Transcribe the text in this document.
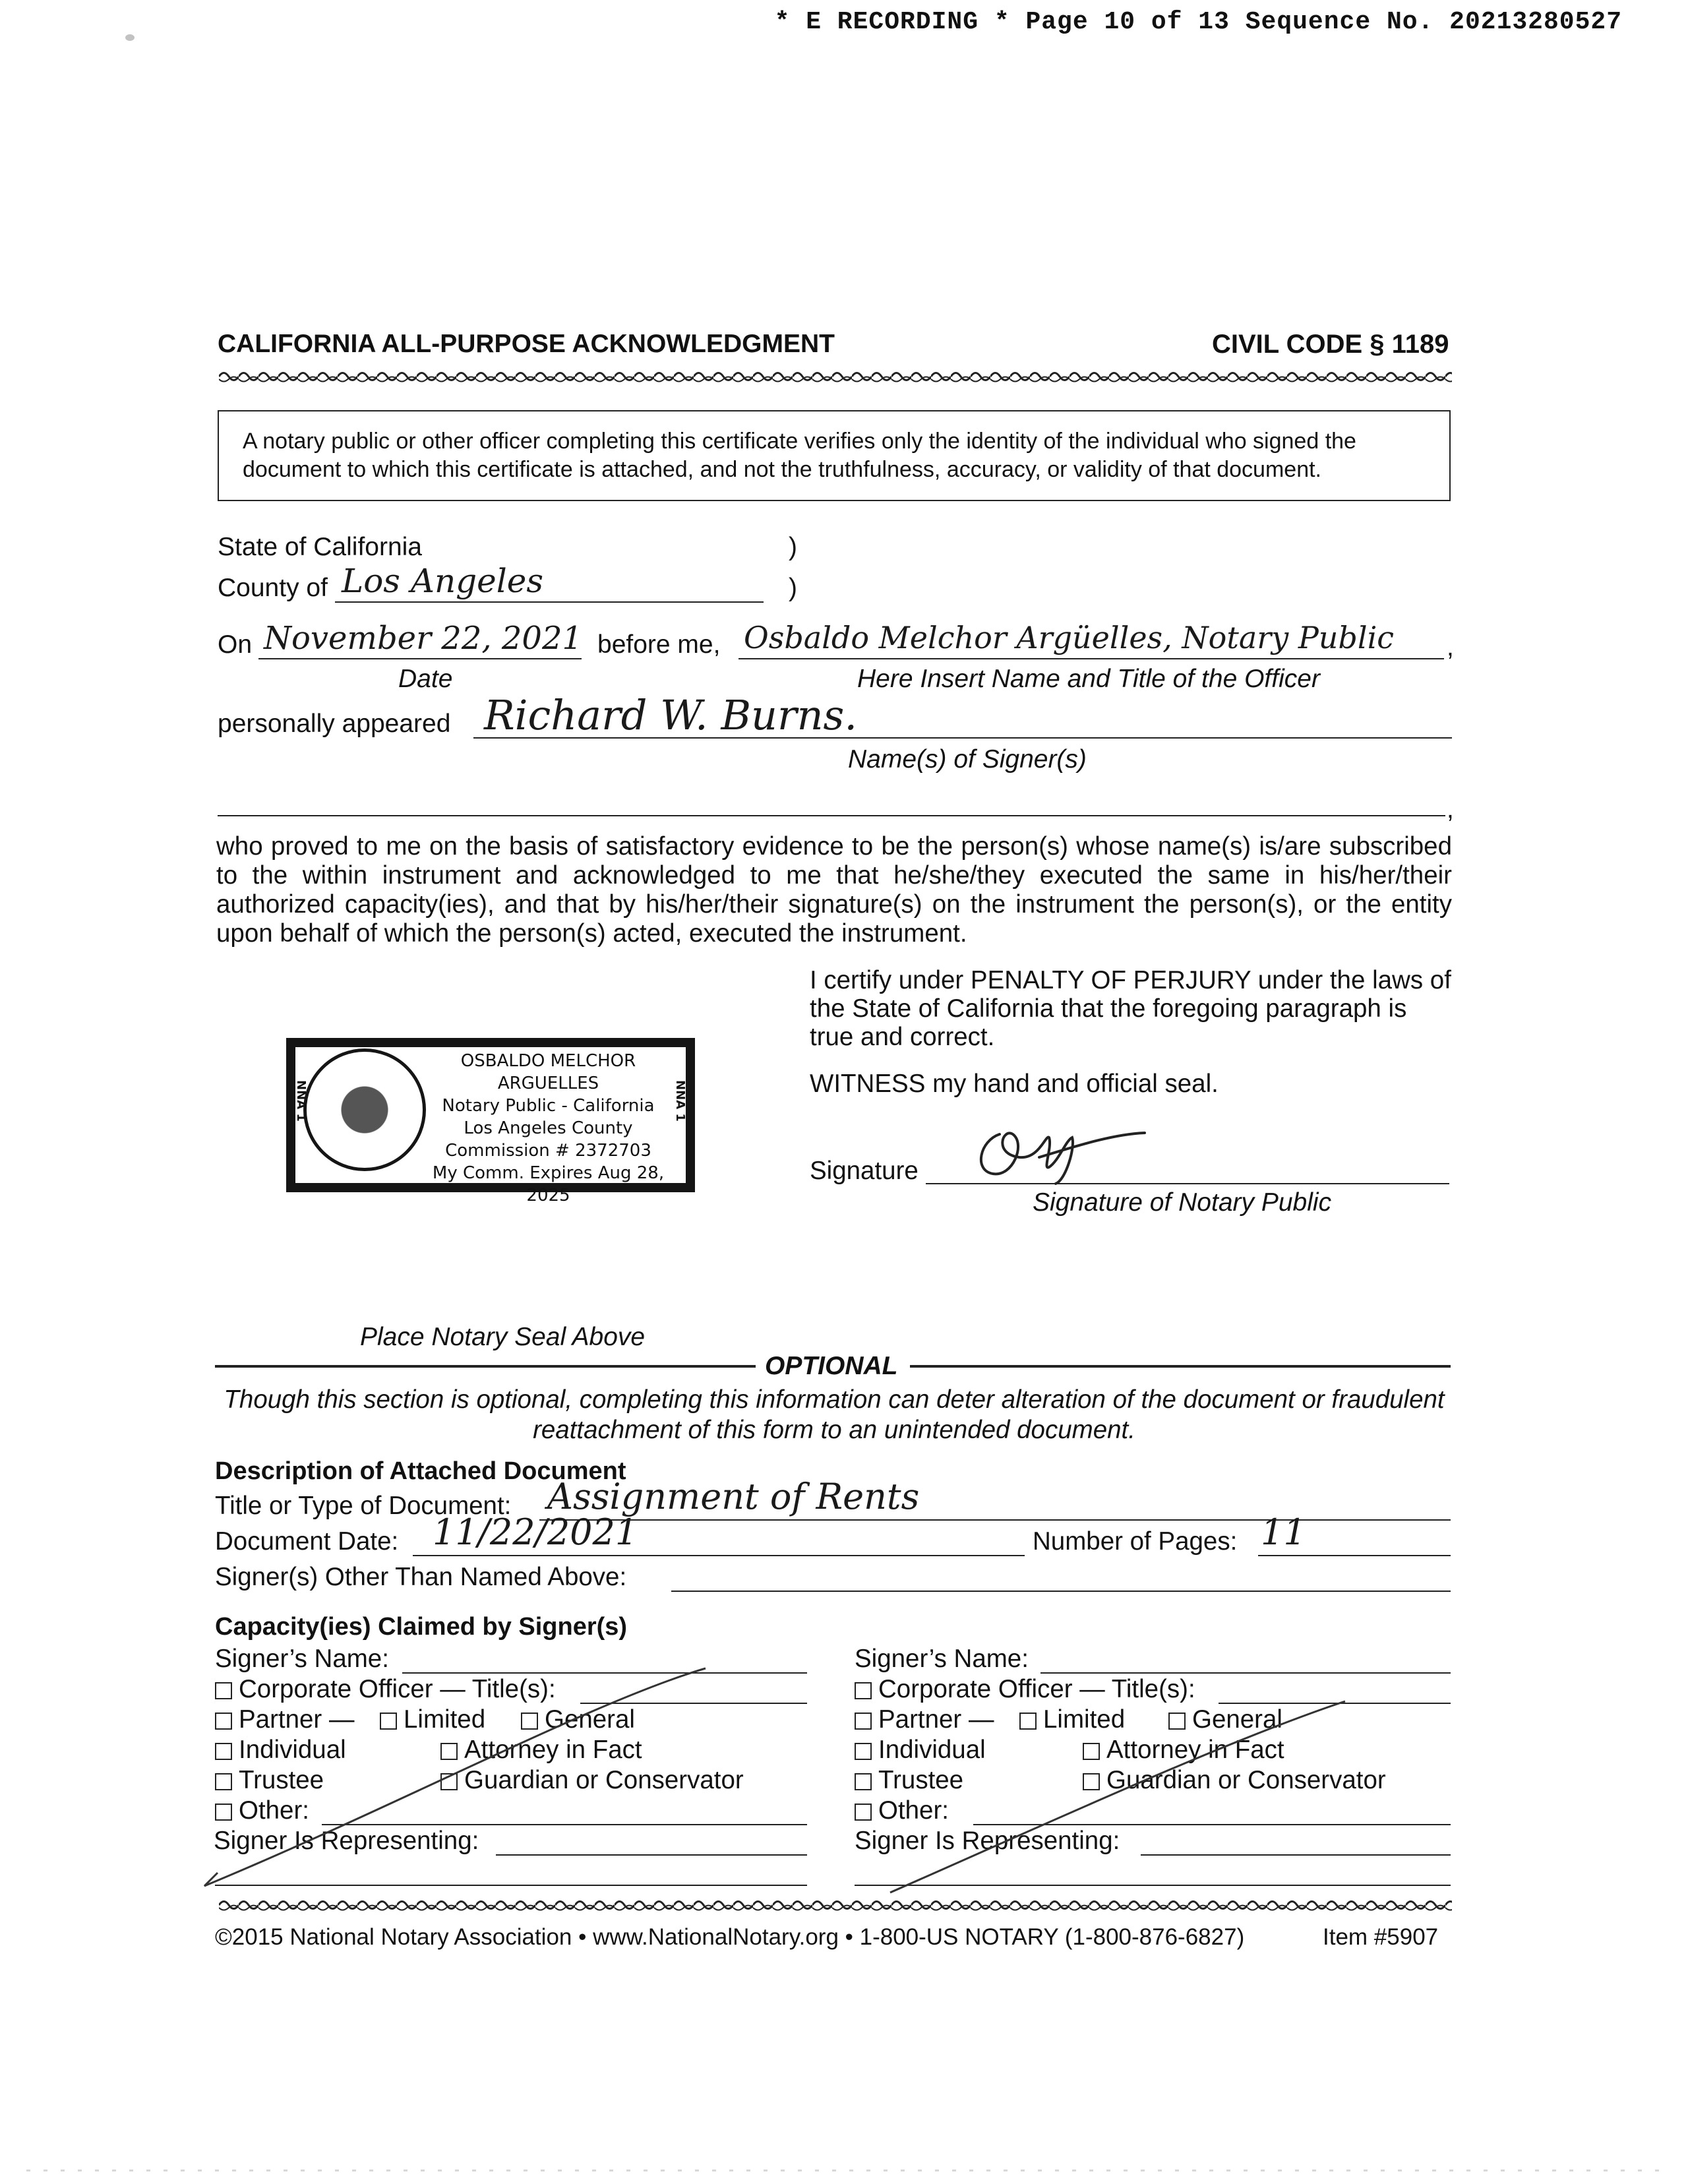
* E RECORDING * Page 10 of 13 Sequence No. 20213280527
CALIFORNIA ALL-PURPOSE ACKNOWLEDGMENT	CIVIL CODE § 1189
A notary public or other officer completing this certificate verifies only the identity of the individual who signed the document to which this certificate is attached, and not the truthfulness, accuracy, or validity of that document.
State of California	)
County of Los Angeles	)
On November 22, 2021 before me, Osbaldo Melchor Argüelles, Notary Public ,
Date	Here Insert Name and Title of the Officer
personally appeared Richard W. Burns.
Name(s) of Signer(s)
,
who proved to me on the basis of satisfactory evidence to be the person(s) whose name(s) is/are subscribed to the within instrument and acknowledged to me that he/she/they executed the same in his/her/their authorized capacity(ies), and that by his/her/their signature(s) on the instrument the person(s), or the entity upon behalf of which the person(s) acted, executed the instrument.
I certify under PENALTY OF PERJURY under the laws of the State of California that the foregoing paragraph is true and correct.
WITNESS my hand and official seal.
Signature
Signature of Notary Public
NNA 1	NNA 1
OSBALDO MELCHOR ARGUELLES
Notary Public - California
Los Angeles County
Commission # 2372703
My Comm. Expires Aug 28, 2025
Place Notary Seal Above
OPTIONAL
Though this section is optional, completing this information can deter alteration of the document or fraudulent reattachment of this form to an unintended document.
Description of Attached Document
Title or Type of Document: Assignment of Rents
Document Date: 11/22/2021	Number of Pages: 11
Signer(s) Other Than Named Above:
Capacity(ies) Claimed by Signer(s)
Signer’s Name:
Corporate Officer — Title(s):
Partner —	Limited	General
Individual	Attorney in Fact
Trustee	Guardian or Conservator
Other:
Signer Is Representing:
Signer’s Name:
Corporate Officer — Title(s):
Partner —	Limited	General
Individual	Attorney in Fact
Trustee	Guardian or Conservator
Other:
Signer Is Representing:
©2015 National Notary Association • www.NationalNotary.org • 1-800-US NOTARY (1-800-876-6827)	Item #5907
